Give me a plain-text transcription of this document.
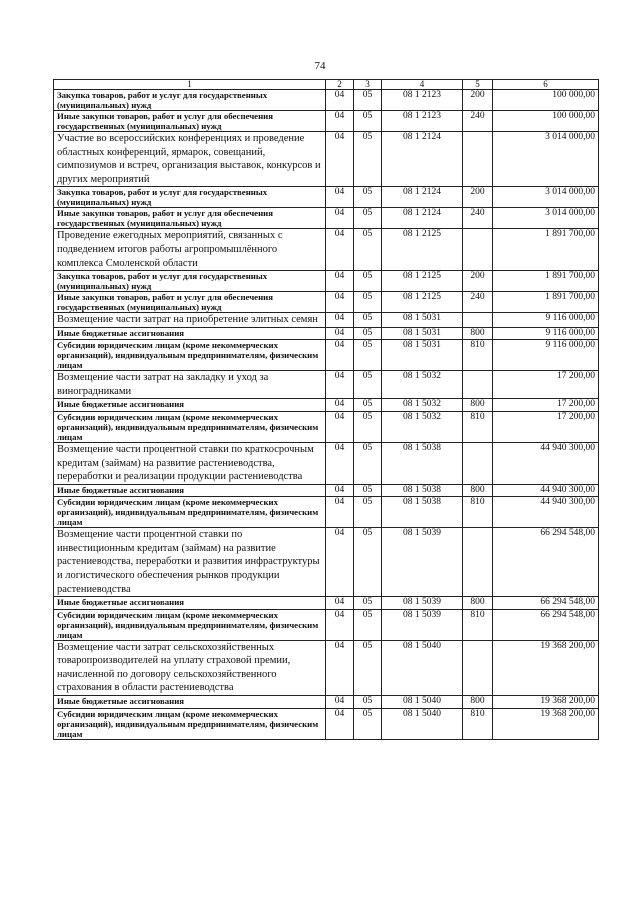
74
1	2	3	4	5	6
Закупка товаров, работ и услуг для государственных (муниципальных) нужд	04	05	08 1 2123	200	100 000,00
Иные закупки товаров, работ и услуг для обеспечения государственных (муниципальных) нужд	04	05	08 1 2123	240	100 000,00
Участие во всероссийских конференциях и проведение областных конференций, ярмарок, совещаний, симпозиумов и встреч, организация выставок, конкурсов и других мероприятий	04	05	08 1 2124		3 014 000,00
Закупка товаров, работ и услуг для государственных (муниципальных) нужд	04	05	08 1 2124	200	3 014 000,00
Иные закупки товаров, работ и услуг для обеспечения государственных (муниципальных) нужд	04	05	08 1 2124	240	3 014 000,00
Проведение ежегодных мероприятий, связанных с подведением итогов работы агропромышлённого комплекса Смоленской области	04	05	08 1 2125		1 891 700,00
Закупка товаров, работ и услуг для государственных (муниципальных) нужд	04	05	08 1 2125	200	1 891 700,00
Иные закупки товаров, работ и услуг для обеспечения государственных (муниципальных) нужд	04	05	08 1 2125	240	1 891 700,00
Возмещение части затрат на приобретение элитных семян	04	05	08 1 5031		9 116 000,00
Иные бюджетные ассигнования	04	05	08 1 5031	800	9 116 000,00
Субсидии юридическим лицам (кроме некоммерческих организаций), индивидуальным предпринимателям, физическим лицам	04	05	08 1 5031	810	9 116 000,00
Возмещение части затрат на закладку и уход за виноградниками	04	05	08 1 5032		17 200,00
Иные бюджетные ассигнования	04	05	08 1 5032	800	17 200,00
Субсидии юридическим лицам (кроме некоммерческих организаций), индивидуальным предпринимателям, физическим лицам	04	05	08 1 5032	810	17 200,00
Возмещение части процентной ставки по краткосрочным кредитам (займам) на развитие растениеводства, переработки и реализации продукции растениеводства	04	05	08 1 5038		44 940 300,00
Иные бюджетные ассигнования	04	05	08 1 5038	800	44 940 300,00
Субсидии юридическим лицам (кроме некоммерческих организаций), индивидуальным предпринимателям, физическим лицам	04	05	08 1 5038	810	44 940 300,00
Возмещение части процентной ставки по инвестиционным кредитам (займам) на развитие растениеводства, переработки и развития инфраструктуры и логистического обеспечения рынков продукции растениеводства	04	05	08 1 5039		66 294 548,00
Иные бюджетные ассигнования	04	05	08 1 5039	800	66 294 548,00
Субсидии юридическим лицам (кроме некоммерческих организаций), индивидуальным предпринимателям, физическим лицам	04	05	08 1 5039	810	66 294 548,00
Возмещение части затрат сельскохозяйственных товаропроизводителей на уплату страховой премии, начисленной по договору сельскохозяйственного страхования в области растениеводства	04	05	08 1 5040		19 368 200,00
Иные бюджетные ассигнования	04	05	08 1 5040	800	19 368 200,00
Субсидии юридическим лицам (кроме некоммерческих организаций), индивидуальным предпринимателям, физическим лицам	04	05	08 1 5040	810	19 368 200,00
